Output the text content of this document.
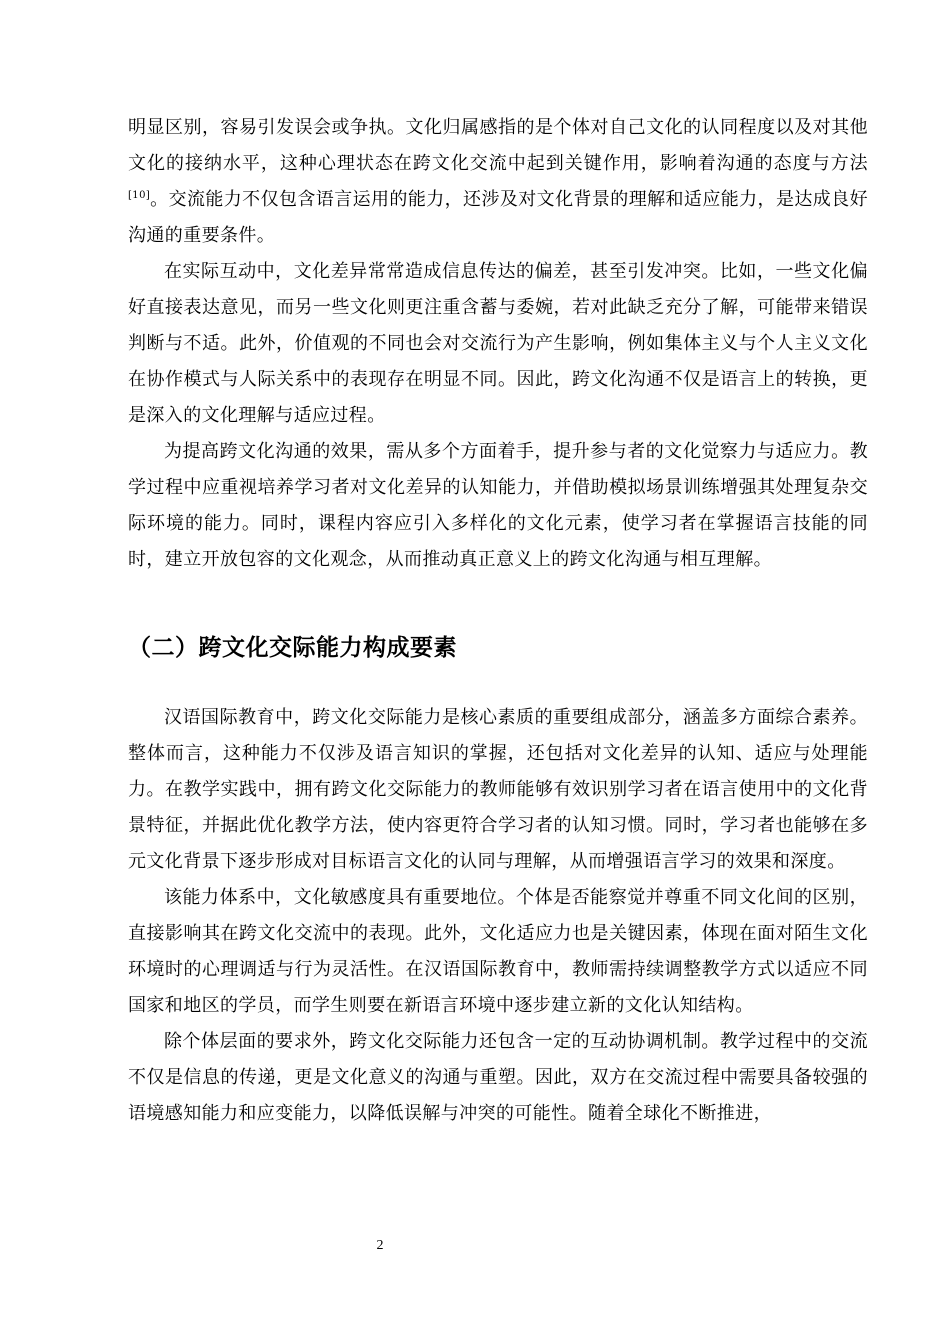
明显区别，容易引发误会或争执。文化归属感指的是个体对自己文化的认同程度以及对其他文化的接纳水平，这种心理状态在跨文化交流中起到关键作用，影响着沟通的态度与方法[10]。交流能力不仅包含语言运用的能力，还涉及对文化背景的理解和适应能力，是达成良好沟通的重要条件。

在实际互动中，文化差异常常造成信息传达的偏差，甚至引发冲突。比如，一些文化偏好直接表达意见，而另一些文化则更注重含蓄与委婉，若对此缺乏充分了解，可能带来错误判断与不适。此外，价值观的不同也会对交流行为产生影响，例如集体主义与个人主义文化在协作模式与人际关系中的表现存在明显不同。因此，跨文化沟通不仅是语言上的转换，更是深入的文化理解与适应过程。

为提高跨文化沟通的效果，需从多个方面着手，提升参与者的文化觉察力与适应力。教学过程中应重视培养学习者对文化差异的认知能力，并借助模拟场景训练增强其处理复杂交际环境的能力。同时，课程内容应引入多样化的文化元素，使学习者在掌握语言技能的同时，建立开放包容的文化观念，从而推动真正意义上的跨文化沟通与相互理解。

（二）跨文化交际能力构成要素

汉语国际教育中，跨文化交际能力是核心素质的重要组成部分，涵盖多方面综合素养。整体而言，这种能力不仅涉及语言知识的掌握，还包括对文化差异的认知、适应与处理能力。在教学实践中，拥有跨文化交际能力的教师能够有效识别学习者在语言使用中的文化背景特征，并据此优化教学方法，使内容更符合学习者的认知习惯。同时，学习者也能够在多元文化背景下逐步形成对目标语言文化的认同与理解，从而增强语言学习的效果和深度。

该能力体系中，文化敏感度具有重要地位。个体是否能察觉并尊重不同文化间的区别，直接影响其在跨文化交流中的表现。此外，文化适应力也是关键因素，体现在面对陌生文化环境时的心理调适与行为灵活性。在汉语国际教育中，教师需持续调整教学方式以适应不同国家和地区的学员，而学生则要在新语言环境中逐步建立新的文化认知结构。

除个体层面的要求外，跨文化交际能力还包含一定的互动协调机制。教学过程中的交流不仅是信息的传递，更是文化意义的沟通与重塑。因此，双方在交流过程中需要具备较强的语境感知能力和应变能力，以降低误解与冲突的可能性。随着全球化不断推进，

2
